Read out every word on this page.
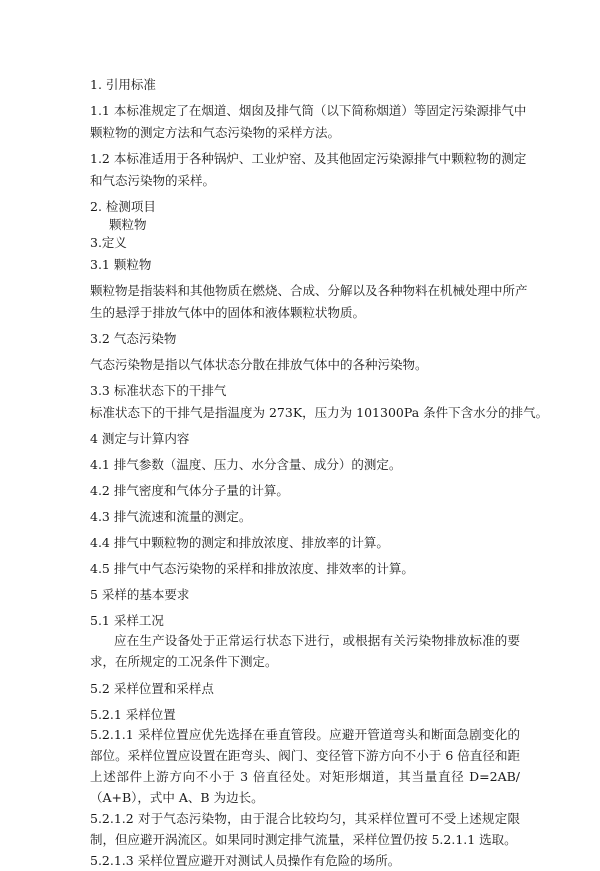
1. 引用标准

1.1 本标准规定了在烟道、烟囱及排气筒（以下简称烟道）等固定污染源排气中

颗粒物的测定方法和气态污染物的采样方法。

1.2 本标准适用于各种锅炉、工业炉窑、及其他固定污染源排气中颗粒物的测定

和气态污染物的采样。

2. 检测项目

颗粒物

3.定义

3.1 颗粒物

颗粒物是指装料和其他物质在燃烧、合成、分解以及各种物料在机械处理中所产

生的悬浮于排放气体中的固体和液体颗粒状物质。

3.2 气态污染物

气态污染物是指以气体状态分散在排放气体中的各种污染物。

3.3 标准状态下的干排气

标准状态下的干排气是指温度为 273K，压力为 101300Pa 条件下含水分的排气。

4 测定与计算内容

4.1 排气参数（温度、压力、水分含量、成分）的测定。

4.2 排气密度和气体分子量的计算。

4.3 排气流速和流量的测定。

4.4 排气中颗粒物的测定和排放浓度、排放率的计算。

4.5 排气中气态污染物的采样和排放浓度、排效率的计算。

5 采样的基本要求

5.1 采样工况

应在生产设备处于正常运行状态下进行，或根据有关污染物排放标准的要求，在所规定的工况条件下测定。

5.2 采样位置和采样点

5.2.1 采样位置

5.2.1.1 采样位置应优先选择在垂直管段。应避开管道弯头和断面急剧变化的部位。采样位置应设置在距弯头、阀门、变径管下游方向不小于 6 倍直径和距上述部件上游方向不小于 3 倍直径处。对矩形烟道，其当量直径 D=2AB/（A+B），式中 A、B 为边长。

5.2.1.2 对于气态污染物，由于混合比较均匀，其采样位置可不受上述规定限制，但应避开涡流区。如果同时测定排气流量，采样位置仍按 5.2.1.1 选取。

5.2.1.3 采样位置应避开对测试人员操作有危险的场所。
